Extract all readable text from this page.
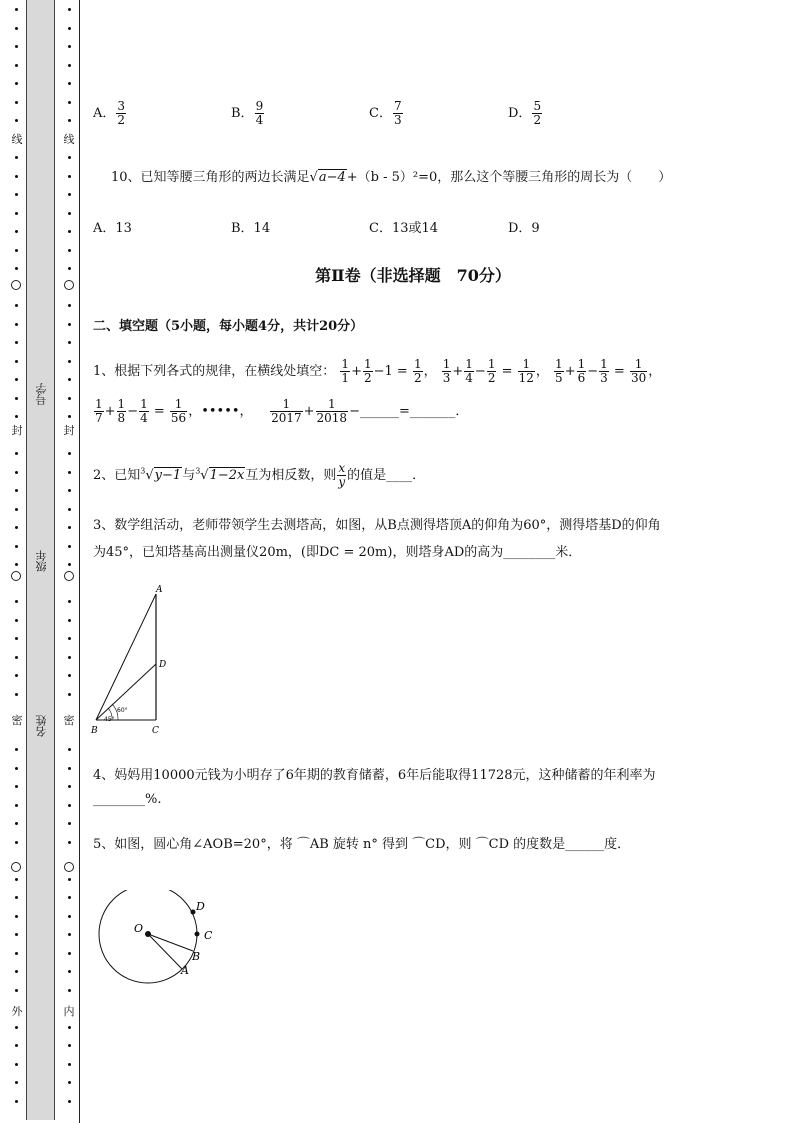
线
封
密
外
线
封
密
内
号学
级年
名姓
A． $\frac{3}{2}$	B． $\frac{9}{4}$	C． $\frac{7}{3}$	D． $\frac{5}{2}$
10、已知等腰三角形的两边长满足√a−4+（b - 5）²=0，那么这个等腰三角形的周长为（　　）
A．13	B．14	C．13或14	D．9
第Ⅱ卷（非选择题　70分）
二、填空题（5小题，每小题4分，共计20分）
1、根据下列各式的规律，在横线处填空： $\frac{1}{1} + \frac{1}{2} -1 = \frac{1}{2}$ ， $\frac{1}{3} + \frac{1}{4} - \frac{1}{2} = \frac{1}{12}$ ， $\frac{1}{5} + \frac{1}{6} - \frac{1}{3} = \frac{1}{30}$ ，
$\frac{1}{7} + \frac{1}{8} - \frac{1}{4} = \frac{1}{56}$ ，•••••， $\frac{1}{2017} + \frac{1}{2018}$ −______=_______．
2、已知$^3$√y−1与$^3$√1−2x互为相反数，则 $\frac{x}{y}$ 的值是____．
3、数学组活动，老师带领学生去测塔高，如图，从B点测得塔顶A的仰角为60°，测得塔基D的仰角
为45°，已知塔基高出测量仪20m，(即DC = 20m)，则塔身AD的高为________米．
4、妈妈用10000元钱为小明存了6年期的教育储蓄，6年后能取得11728元，这种储蓄的年利率为
________%.
5、如图，圆心角∠AOB=20°，将 ⌒AB 旋转 n° 得到 ⌒CD，则 ⌒CD 的度数是______度．
A
D
B	C
60°
45°
O
D
C
B
A
